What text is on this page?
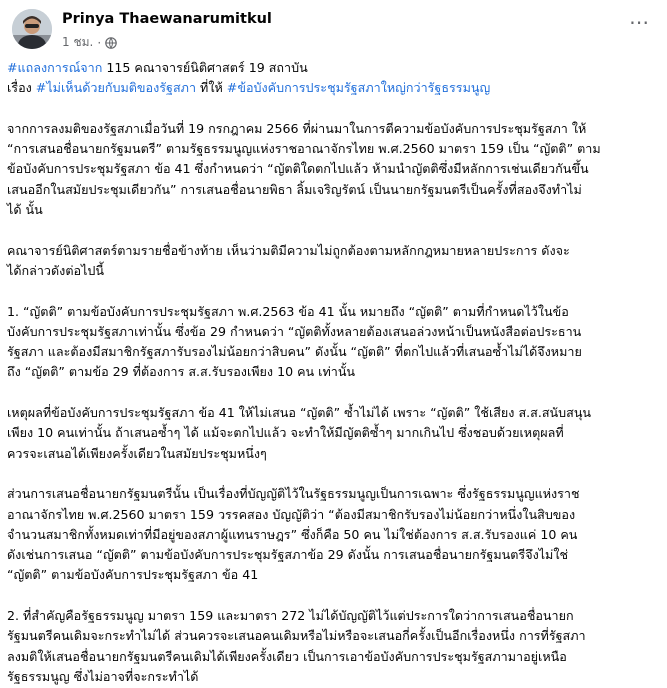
Prinya Thaewanarumitkul
1 ชม. ·
⋯

#แถลงการณ์จาก 115 คณาจารย์นิติศาสตร์ 19 สถาบัน

เรื่อง #ไม่เห็นด้วยกับมติของรัฐสภา ที่ให้ #ข้อบังคับการประชุมรัฐสภาใหญ่กว่ารัฐธรรมนูญ

จากการลงมติของรัฐสภาเมื่อวันที่ 19 กรกฎาคม 2566 ที่ผ่านมาในการตีความข้อบังคับการประชุมรัฐสภา ให้

“การเสนอชื่อนายกรัฐมนตรี” ตามรัฐธรรมนูญแห่งราชอาณาจักรไทย พ.ศ.2560 มาตรา 159 เป็น “ญัตติ” ตาม

ข้อบังคับการประชุมรัฐสภา ข้อ 41 ซึ่งกำหนดว่า “ญัตติใดตกไปแล้ว ห้ามนำญัตติซึ่งมีหลักการเช่นเดียวกันขึ้น

เสนออีกในสมัยประชุมเดียวกัน” การเสนอชื่อนายพิธา ลิ้มเจริญรัตน์ เป็นนายกรัฐมนตรีเป็นครั้งที่สองจึงทำไม่

ได้ นั้น

คณาจารย์นิติศาสตร์ตามรายชื่อข้างท้าย เห็นว่ามติมีความไม่ถูกต้องตามหลักกฎหมายหลายประการ ดังจะ

ได้กล่าวดังต่อไปนี้

1. “ญัตติ” ตามข้อบังคับการประชุมรัฐสภา พ.ศ.2563 ข้อ 41 นั้น หมายถึง “ญัตติ” ตามที่กำหนดไว้ในข้อ

บังคับการประชุมรัฐสภาเท่านั้น ซึ่งข้อ 29 กำหนดว่า “ญัตติทั้งหลายต้องเสนอล่วงหน้าเป็นหนังสือต่อประธาน

รัฐสภา และต้องมีสมาชิกรัฐสภารับรองไม่น้อยกว่าสิบคน” ดังนั้น “ญัตติ” ที่ตกไปแล้วที่เสนอซ้ำไม่ได้จึงหมาย

ถึง “ญัตติ” ตามข้อ 29 ที่ต้องการ ส.ส.รับรองเพียง 10 คน เท่านั้น

เหตุผลที่ข้อบังคับการประชุมรัฐสภา ข้อ 41 ให้ไม่เสนอ “ญัตติ” ซ้ำไม่ได้ เพราะ “ญัตติ” ใช้เสียง ส.ส.สนับสนุน

เพียง 10 คนเท่านั้น ถ้าเสนอซ้ำๆ ได้ แม้จะตกไปแล้ว จะทำให้มีญัตติซ้ำๆ มากเกินไป ซึ่งชอบด้วยเหตุผลที่

ควรจะเสนอได้เพียงครั้งเดียวในสมัยประชุมหนึ่งๆ

ส่วนการเสนอชื่อนายกรัฐมนตรีนั้น เป็นเรื่องที่บัญญัติไว้ในรัฐธรรมนูญเป็นการเฉพาะ ซึ่งรัฐธรรมนูญแห่งราช

อาณาจักรไทย พ.ศ.2560 มาตรา 159 วรรคสอง บัญญัติว่า “ต้องมีสมาชิกรับรองไม่น้อยกว่าหนึ่งในสิบของ

จำนวนสมาชิกทั้งหมดเท่าที่มีอยู่ของสภาผู้แทนราษฎร” ซึ่งก็คือ 50 คน ไม่ใช่ต้องการ ส.ส.รับรองแค่ 10 คน

ดังเช่นการเสนอ “ญัตติ” ตามข้อบังคับการประชุมรัฐสภาข้อ 29 ดังนั้น การเสนอชื่อนายกรัฐมนตรีจึงไม่ใช่

“ญัตติ” ตามข้อบังคับการประชุมรัฐสภา ข้อ 41

2. ที่สำคัญคือรัฐธรรมนูญ มาตรา 159 และมาตรา 272 ไม่ได้บัญญัติไว้แต่ประการใดว่าการเสนอชื่อนายก

รัฐมนตรีคนเดิมจะกระทำไม่ได้ ส่วนควรจะเสนอคนเดิมหรือไม่หรือจะเสนอกี่ครั้งเป็นอีกเรื่องหนึ่ง การที่รัฐสภา

ลงมติให้เสนอชื่อนายกรัฐมนตรีคนเดิมได้เพียงครั้งเดียว เป็นการเอาข้อบังคับการประชุมรัฐสภามาอยู่เหนือ

รัฐธรรมนูญ ซึ่งไม่อาจที่จะกระทำได้
